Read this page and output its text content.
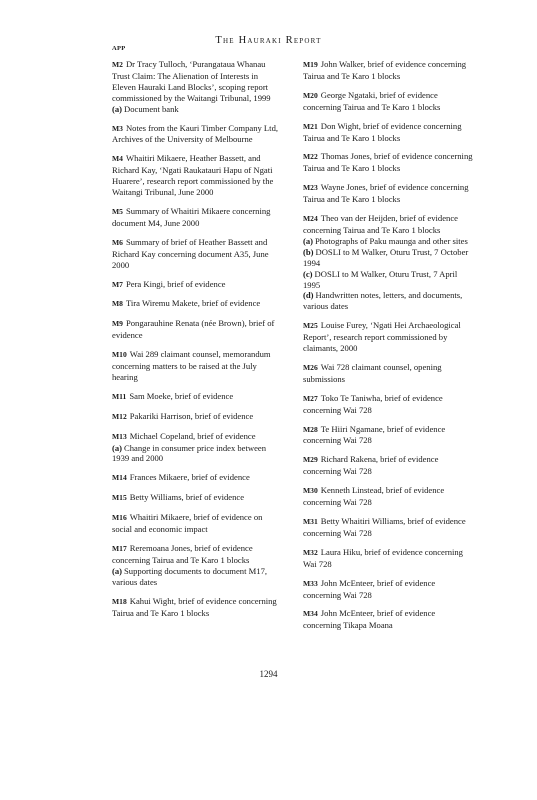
APP
The Hauraki Report

M2 Dr Tracy Tulloch, ‘Purangataua Whanau Trust Claim: The Alienation of Interests in Eleven Hauraki Land Blocks’, scoping report commissioned by the Waitangi Tribunal, 1999
(a) Document bank

M3 Notes from the Kauri Timber Company Ltd, Archives of the University of Melbourne

M4 Whaitiri Mikaere, Heather Bassett, and Richard Kay, ‘Ngati Raukatauri Hapu of Ngati Huarere’, research report commissioned by the Waitangi Tribunal, June 2000

M5 Summary of Whaitiri Mikaere concerning document M4, June 2000

M6 Summary of brief of Heather Bassett and Richard Kay concerning document A35, June 2000

M7 Pera Kingi, brief of evidence

M8 Tira Wiremu Makete, brief of evidence

M9 Pongarauhine Renata (née Brown), brief of evidence

M10 Wai 289 claimant counsel, memorandum concerning matters to be raised at the July hearing

M11 Sam Moeke, brief of evidence

M12 Pakariki Harrison, brief of evidence

M13 Michael Copeland, brief of evidence
(a) Change in consumer price index between 1939 and 2000

M14 Frances Mikaere, brief of evidence

M15 Betty Williams, brief of evidence

M16 Whaitiri Mikaere, brief of evidence on social and economic impact

M17 Reremoana Jones, brief of evidence concerning Tairua and Te Karo 1 blocks
(a) Supporting documents to document M17, various dates

M18 Kahui Wight, brief of evidence concerning Tairua and Te Karo 1 blocks

M19 John Walker, brief of evidence concerning Tairua and Te Karo 1 blocks

M20 George Ngataki, brief of evidence concerning Tairua and Te Karo 1 blocks

M21 Don Wight, brief of evidence concerning Tairua and Te Karo 1 blocks

M22 Thomas Jones, brief of evidence concerning Tairua and Te Karo 1 blocks

M23 Wayne Jones, brief of evidence concerning Tairua and Te Karo 1 blocks

M24 Theo van der Heijden, brief of evidence concerning Tairua and Te Karo 1 blocks
(a) Photographs of Paku maunga and other sites
(b) DOSLI to M Walker, Oturu Trust, 7 October 1994
(c) DOSLI to M Walker, Oturu Trust, 7 April 1995
(d) Handwritten notes, letters, and documents, various dates

M25 Louise Furey, ‘Ngati Hei Archaeological Report’, research report commissioned by claimants, 2000

M26 Wai 728 claimant counsel, opening submissions

M27 Toko Te Taniwha, brief of evidence concerning Wai 728

M28 Te Hiiri Ngamane, brief of evidence concerning Wai 728

M29 Richard Rakena, brief of evidence concerning Wai 728

M30 Kenneth Linstead, brief of evidence concerning Wai 728

M31 Betty Whaitiri Williams, brief of evidence concerning Wai 728

M32 Laura Hiku, brief of evidence concerning Wai 728

M33 John McEnteer, brief of evidence concerning Wai 728

M34 John McEnteer, brief of evidence concerning Tikapa Moana

1294
